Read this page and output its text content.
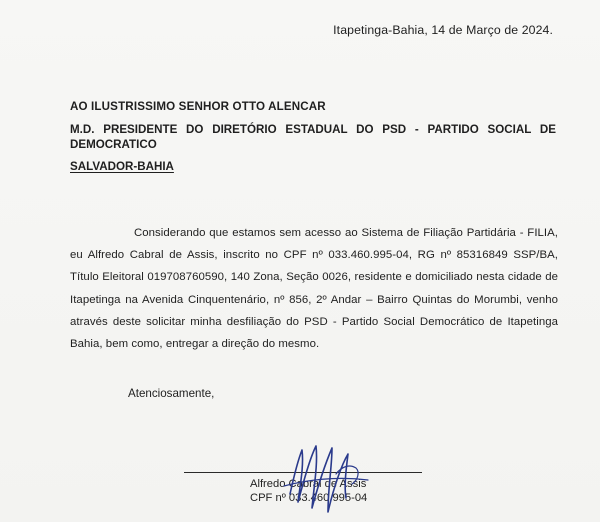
Itapetinga-Bahia, 14 de Março de 2024.
AO ILUSTRISSIMO SENHOR OTTO ALENCAR
M.D. PRESIDENTE DO DIRETÓRIO ESTADUAL DO PSD - PARTIDO SOCIAL DE DEMOCRATICO
SALVADOR-BAHIA
Considerando que estamos sem acesso ao Sistema de Filiação Partidária - FILIA, eu Alfredo Cabral de Assis, inscrito no CPF nº 033.460.995-04, RG nº 85316849 SSP/BA, Título Eleitoral 019708760590, 140 Zona, Seção 0026, residente e domiciliado nesta cidade de Itapetinga na Avenida Cinquentenário, nº 856, 2º Andar – Bairro Quintas do Morumbi, venho através deste solicitar minha desfiliação do PSD - Partido Social Democrático de Itapetinga Bahia, bem como, entregar a direção do mesmo.
Atenciosamente,
Alfredo Cabral de Assis
CPF nº 033.460.995-04
